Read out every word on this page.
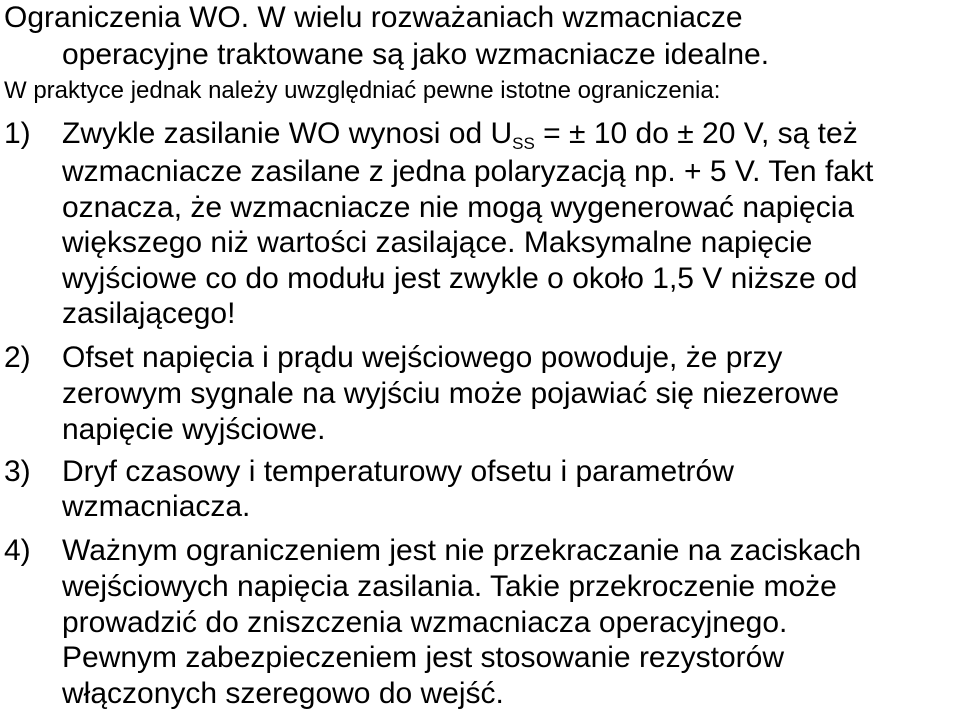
Ograniczenia WO. W wielu rozważaniach wzmacniacze
operacyjne traktowane są jako wzmacniacze idealne.
W praktyce jednak należy uwzględniać pewne istotne ograniczenia:
1) Zwykle zasilanie WO wynosi od $U_{SS}$ = ± 10 do ± 20 V, są też
wzmacniacze zasilane z jedna polaryzacją np. + 5 V. Ten fakt
oznacza, że wzmacniacze nie mogą wygenerować napięcia
większego niż wartości zasilające. Maksymalne napięcie
wyjściowe co do modułu jest zwykle o około 1,5 V niższe od
zasilającego!
2) Ofset napięcia i prądu wejściowego powoduje, że przy
zerowym sygnale na wyjściu może pojawiać się niezerowe
napięcie wyjściowe.
3) Dryf czasowy i temperaturowy ofsetu i parametrów
wzmacniacza.
4) Ważnym ograniczeniem jest nie przekraczanie na zaciskach
wejściowych napięcia zasilania. Takie przekroczenie może
prowadzić do zniszczenia wzmacniacza operacyjnego.
Pewnym zabezpieczeniem jest stosowanie rezystorów
włączonych szeregowo do wejść.
